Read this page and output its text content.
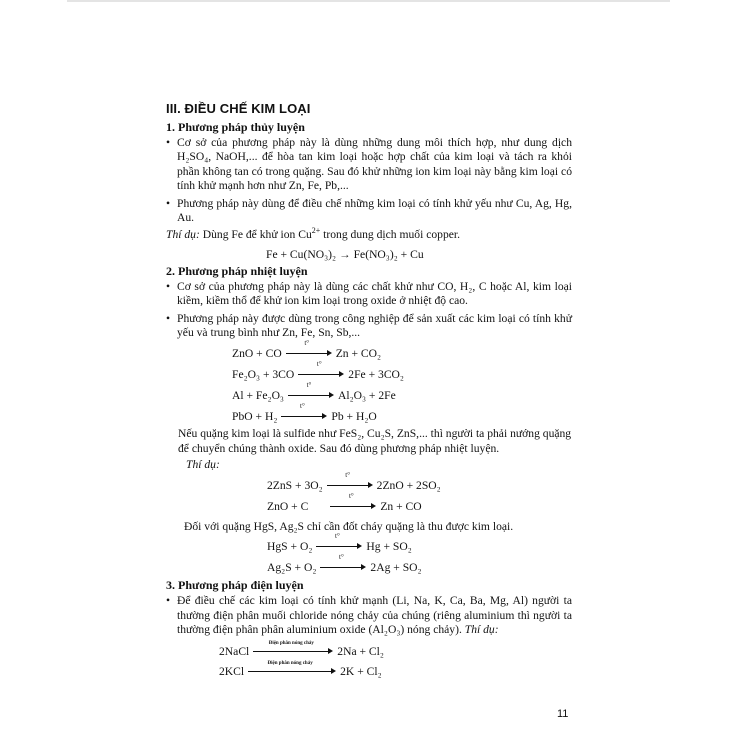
III. ĐIỀU CHẾ KIM LOẠI
1. Phương pháp thủy luyện
• Cơ sở của phương pháp này là dùng những dung môi thích hợp, như dung dịch H₂SO₄, NaOH,... để hòa tan kim loại hoặc hợp chất của kim loại và tách ra khỏi phần không tan có trong quặng. Sau đó khử những ion kim loại này bằng kim loại có tính khử mạnh hơn như Zn, Fe, Pb,...
• Phương pháp này dùng để điều chế những kim loại có tính khử yếu như Cu, Ag, Hg, Au.
Thí dụ: Dùng Fe để khử ion $Cu^{2+}$ trong dung dịch muối copper.
Fe + Cu(NO₃)₂ → Fe(NO₃)₂ + Cu
2. Phương pháp nhiệt luyện
• Cơ sở của phương pháp này là dùng các chất khử như CO, H₂, C hoặc Al, kim loại kiềm, kiềm thổ để khử ion kim loại trong oxide ở nhiệt độ cao.
• Phương pháp này được dùng trong công nghiệp để sản xuất các kim loại có tính khử yếu và trung bình như Zn, Fe, Sn, Sb,...
ZnO + CO
t°
Zn + CO₂
Fe₂O₃ + 3CO
t°
2Fe + 3CO₂
Al + Fe₂O₃
t°
Al₂O₃ + 2Fe
PbO + H₂
t°
Pb + H₂O
Nếu quặng kim loại là sulfide như FeS₂, Cu₂S, ZnS,... thì người ta phải nướng quặng để chuyển chúng thành oxide. Sau đó dùng phương pháp nhiệt luyện.
Thí dụ:
2ZnS + 3O₂
t°
2ZnO + 2SO₂
ZnO + C
t°
Zn + CO
Đối với quặng HgS, Ag₂S chỉ cần đốt cháy quặng là thu được kim loại.
HgS + O₂
t°
Hg + SO₂
Ag₂S + O₂
t°
2Ag + SO₂
3. Phương pháp điện luyện
• Để điều chế các kim loại có tính khử mạnh (Li, Na, K, Ca, Ba, Mg, Al) người ta thường điện phân muối chloride nóng chảy của chúng (riêng aluminium thì người ta thường điện phân phân aluminium oxide (Al₂O₃) nóng chảy). Thí dụ:
2NaCl
Điện phân nóng chảy
2Na + Cl₂
2KCl
Điện phân nóng chảy
2K + Cl₂
11
